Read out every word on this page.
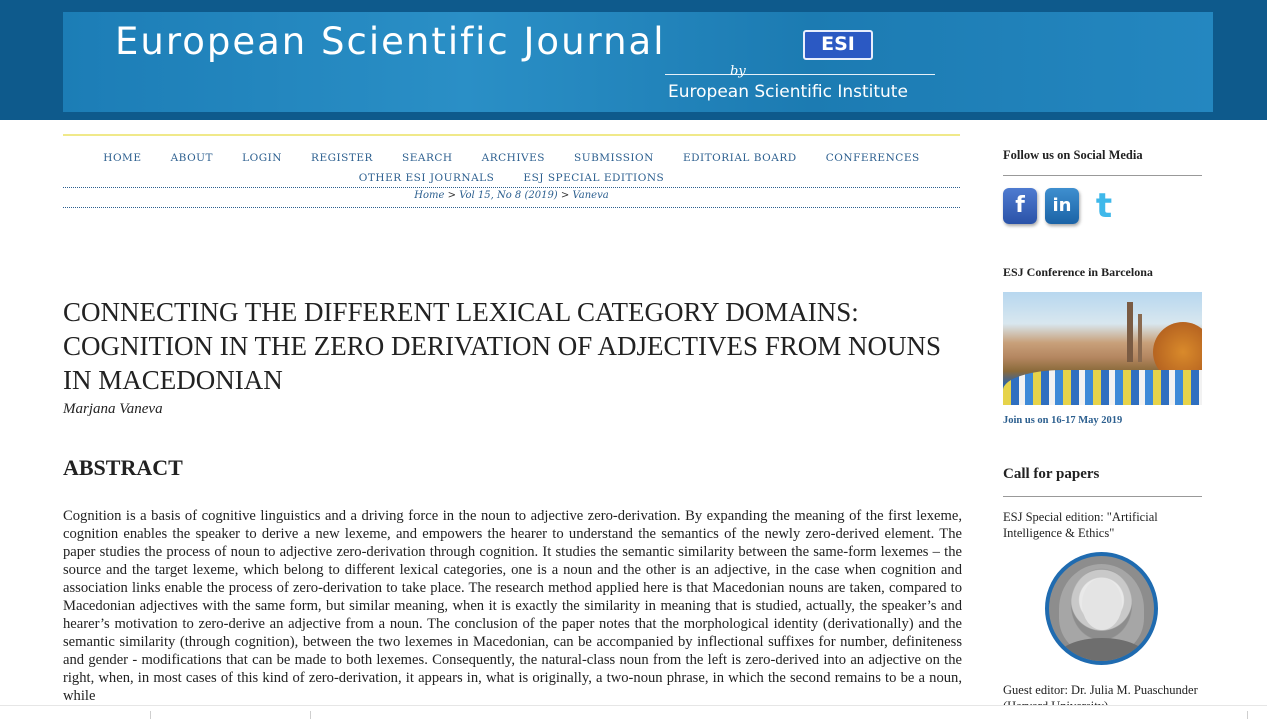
European Scientific Journal	ESI
by
European Scientific Institute
HOME	ABOUT	LOGIN	REGISTER	SEARCH	ARCHIVES	SUBMISSION	EDITORIAL BOARD	CONFERENCES OTHER ESI JOURNALS	ESJ SPECIAL EDITIONS
Home > Vol 15, No 8 (2019) > Vaneva
CONNECTING THE DIFFERENT LEXICAL CATEGORY DOMAINS: COGNITION IN THE ZERO DERIVATION OF ADJECTIVES FROM NOUNS IN MACEDONIAN
Marjana Vaneva
ABSTRACT

Cognition is a basis of cognitive linguistics and a driving force in the noun to adjective zero-derivation. By expanding the meaning of the first lexeme, cognition enables the speaker to derive a new lexeme, and empowers the hearer to understand the semantics of the newly zero-derived element. The paper studies the process of noun to adjective zero-derivation through cognition. It studies the semantic similarity between the same-form lexemes – the source and the target lexeme, which belong to different lexical categories, one is a noun and the other is an adjective, in the case when cognition and association links enable the process of zero-derivation to take place. The research method applied here is that Macedonian nouns are taken, compared to Macedonian adjectives with the same form, but similar meaning, when it is exactly the similarity in meaning that is studied, actually, the speaker’s and hearer’s motivation to zero-derive an adjective from a noun. The conclusion of the paper notes that the morphological identity (derivationally) and the semantic similarity (through cognition), between the two lexemes in Macedonian, can be accompanied by inflectional suffixes for number, definiteness and gender - modifications that can be made to both lexemes. Consequently, the natural-class noun from the left is zero-derived into an adjective on the right, when, in most cases of this kind of zero-derivation, it appears in, what is originally, a two-noun phrase, in which the second remains to be a noun, while

Follow us on Social Media
f	in t
ESJ Conference in Barcelona
Join us on 16-17 May 2019
Call for papers
ESJ Special edition: "Artificial Intelligence & Ethics"
Guest editor: Dr. Julia M. Puaschunder
